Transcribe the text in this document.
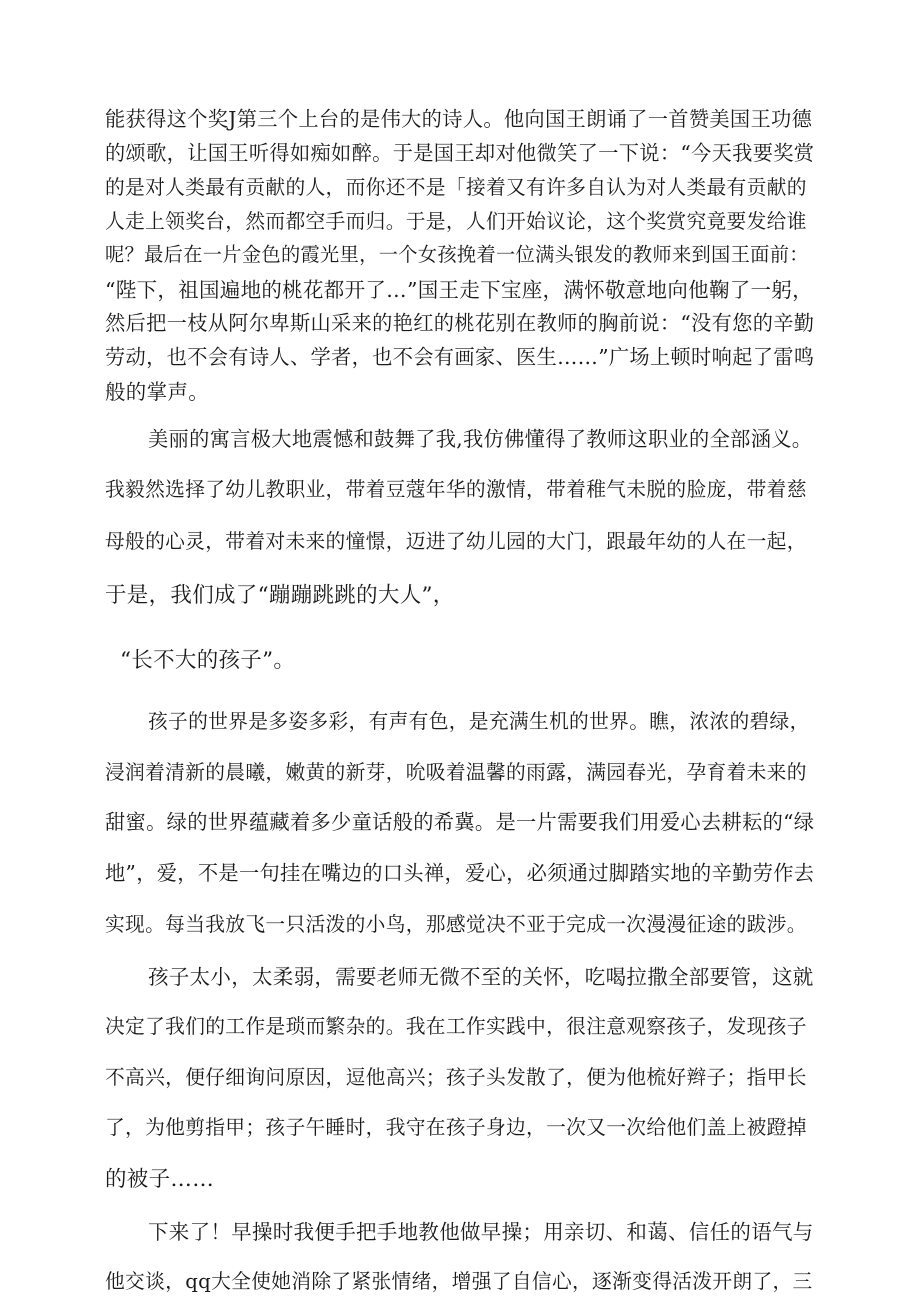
能获得这个奖J第三个上台的是伟大的诗人。他向国王朗诵了一首赞美国王功德
的颂歌，让国王听得如痴如醉。于是国王却对他微笑了一下说：“今天我要奖赏
的是对人类最有贡献的人，而你还不是「接着又有许多自认为对人类最有贡献的
人走上领奖台，然而都空手而归。于是，人们开始议论，这个奖赏究竟要发给谁
呢？最后在一片金色的霞光里，一个女孩挽着一位满头银发的教师来到国王面前：
“陛下，祖国遍地的桃花都开了…”国王走下宝座，满怀敬意地向他鞠了一躬，
然后把一枝从阿尔卑斯山采来的艳红的桃花别在教师的胸前说：“没有您的辛勤
劳动，也不会有诗人、学者，也不会有画家、医生……”广场上顿时响起了雷鸣
般的掌声。
美丽的寓言极大地震憾和鼓舞了我,我仿佛懂得了教师这职业的全部涵义。
我毅然选择了幼儿教职业，带着豆蔻年华的激情，带着稚气未脱的脸庞，带着慈
母般的心灵，带着对未来的憧憬，迈进了幼儿园的大门，跟最年幼的人在一起，
于是，我们成了“蹦蹦跳跳的大人”，
“长不大的孩子”。
孩子的世界是多姿多彩，有声有色，是充满生机的世界。瞧，浓浓的碧绿，
浸润着清新的晨曦，嫩黄的新芽，吮吸着温馨的雨露，满园春光，孕育着未来的
甜蜜。绿的世界蕴藏着多少童话般的希冀。是一片需要我们用爱心去耕耘的“绿
地”，爱，不是一句挂在嘴边的口头禅，爱心，必须通过脚踏实地的辛勤劳作去
实现。每当我放飞一只活泼的小鸟，那感觉决不亚于完成一次漫漫征途的跋涉。
孩子太小，太柔弱，需要老师无微不至的关怀，吃喝拉撒全部要管，这就
决定了我们的工作是琐而繁杂的。我在工作实践中，很注意观察孩子，发现孩子
不高兴，便仔细询问原因，逗他高兴；孩子头发散了，便为他梳好辫子；指甲长
了，为他剪指甲；孩子午睡时，我守在孩子身边，一次又一次给他们盖上被蹬掉
的被子……
下来了！早操时我便手把手地教他做早操；用亲切、和蔼、信任的语气与
他交谈，qq大全使她消除了紧张情绪，增强了自信心，逐渐变得活泼开朗了，三
